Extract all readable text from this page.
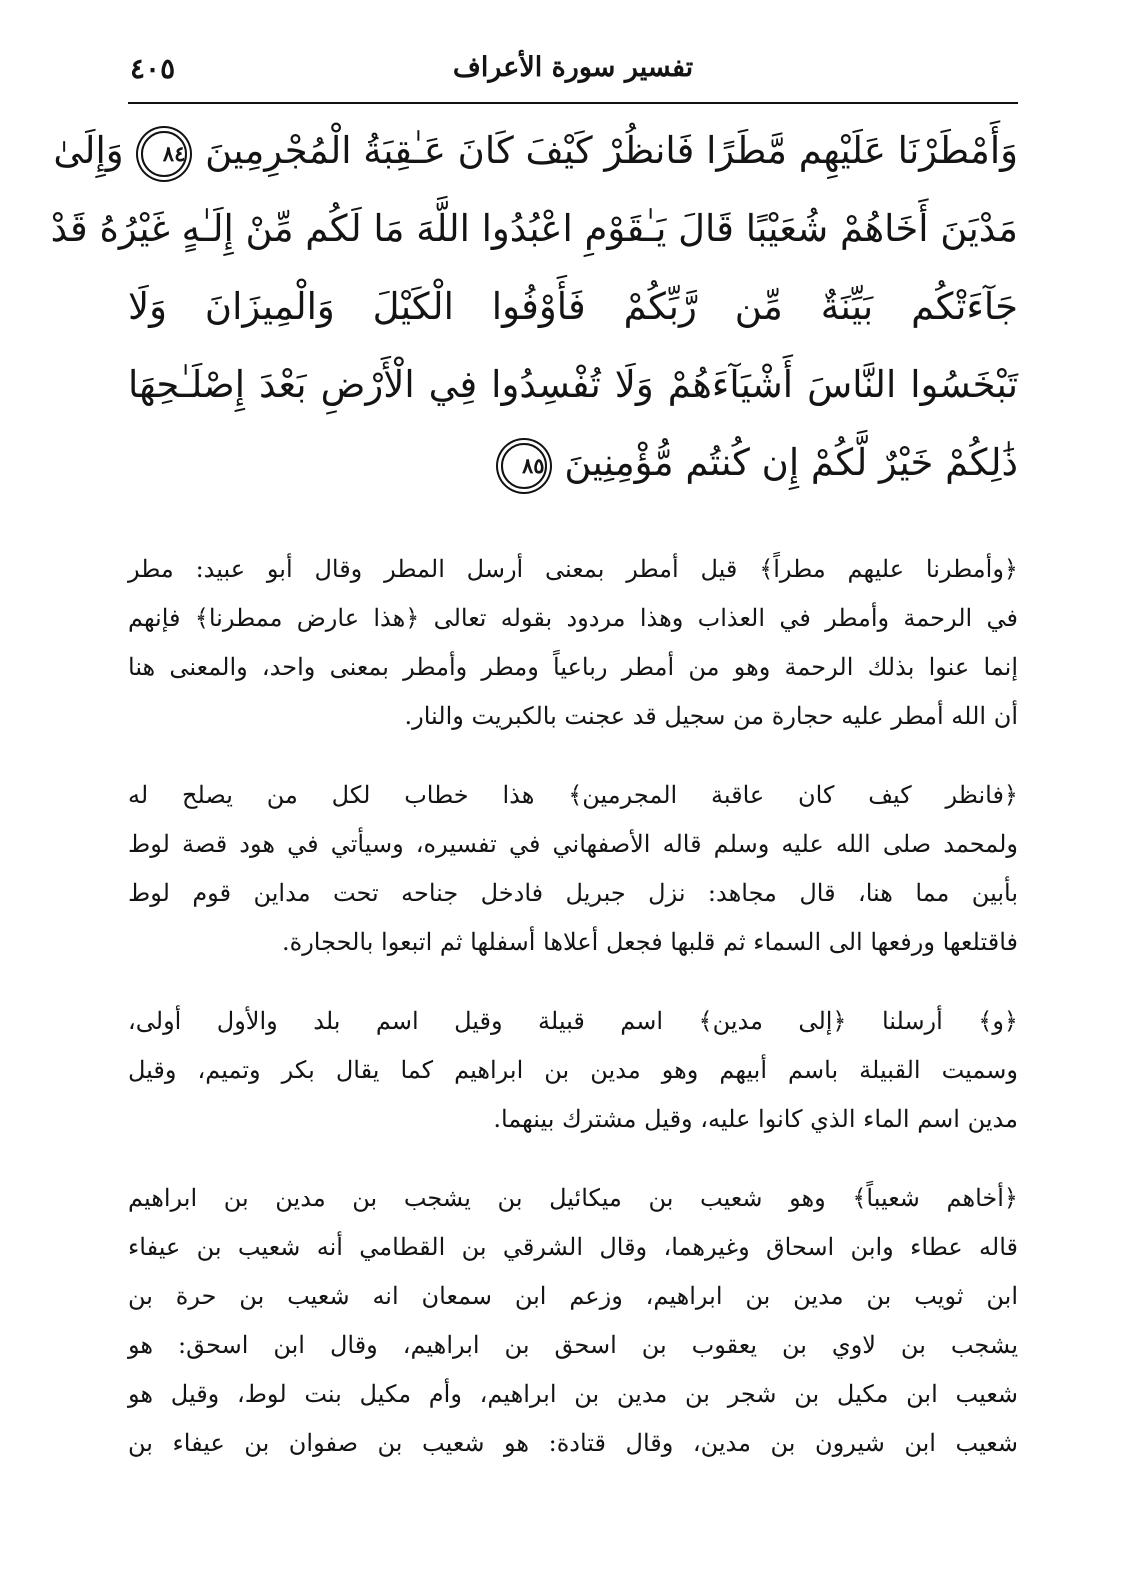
تفسير سورة الأعراف
٤٠٥
وَأَمْطَرْنَا عَلَيْهِم مَّطَرًا فَانظُرْ كَيْفَ كَانَ عَـٰقِبَةُ الْمُجْرِمِينَ ٨٤ وَإِلَىٰ
مَدْيَنَ أَخَاهُمْ شُعَيْبًا قَالَ يَـٰقَوْمِ اعْبُدُوا اللَّهَ مَا لَكُم مِّنْ إِلَـٰهٍ غَيْرُهُ قَدْ
جَآءَتْكُم بَيِّنَةٌ مِّن رَّبِّكُمْ فَأَوْفُوا الْكَيْلَ وَالْمِيزَانَ وَلَا
تَبْخَسُوا النَّاسَ أَشْيَآءَهُمْ وَلَا تُفْسِدُوا فِي الْأَرْضِ بَعْدَ إِصْلَـٰحِهَا
ذَٰلِكُمْ خَيْرٌ لَّكُمْ إِن كُنتُم مُّؤْمِنِينَ ٨٥
﴿وأمطرنا عليهم مطراً﴾ قيل أمطر بمعنى أرسل المطر وقال أبو عبيد: مطر
في الرحمة وأمطر في العذاب وهذا مردود بقوله تعالى ﴿هذا عارض ممطرنا﴾ فإنهم
إنما عنوا بذلك الرحمة وهو من أمطر رباعياً ومطر وأمطر بمعنى واحد، والمعنى هنا
أن الله أمطر عليه حجارة من سجيل قد عجنت بالكبريت والنار.
﴿فانظر كيف كان عاقبة المجرمين﴾ هذا خطاب لكل من يصلح له
ولمحمد صلى الله عليه وسلم قاله الأصفهاني في تفسيره، وسيأتي في هود قصة لوط
بأبين مما هنا، قال مجاهد: نزل جبريل فادخل جناحه تحت مداين قوم لوط
فاقتلعها ورفعها الى السماء ثم قلبها فجعل أعلاها أسفلها ثم اتبعوا بالحجارة.
﴿و﴾ أرسلنا ﴿إلى مدين﴾ اسم قبيلة وقيل اسم بلد والأول أولى،
وسميت القبيلة باسم أبيهم وهو مدين بن ابراهيم كما يقال بكر وتميم، وقيل
مدين اسم الماء الذي كانوا عليه، وقيل مشترك بينهما.
﴿أخاهم شعيباً﴾ وهو شعيب بن ميكائيل بن يشجب بن مدين بن ابراهيم
قاله عطاء وابن اسحاق وغيرهما، وقال الشرقي بن القطامي أنه شعيب بن عيفاء
ابن ثويب بن مدين بن ابراهيم، وزعم ابن سمعان انه شعيب بن حرة بن
يشجب بن لاوي بن يعقوب بن اسحق بن ابراهيم، وقال ابن اسحق: هو
شعيب ابن مكيل بن شجر بن مدين بن ابراهيم، وأم مكيل بنت لوط، وقيل هو
شعيب ابن شيرون بن مدين، وقال قتادة: هو شعيب بن صفوان بن عيفاء بن
